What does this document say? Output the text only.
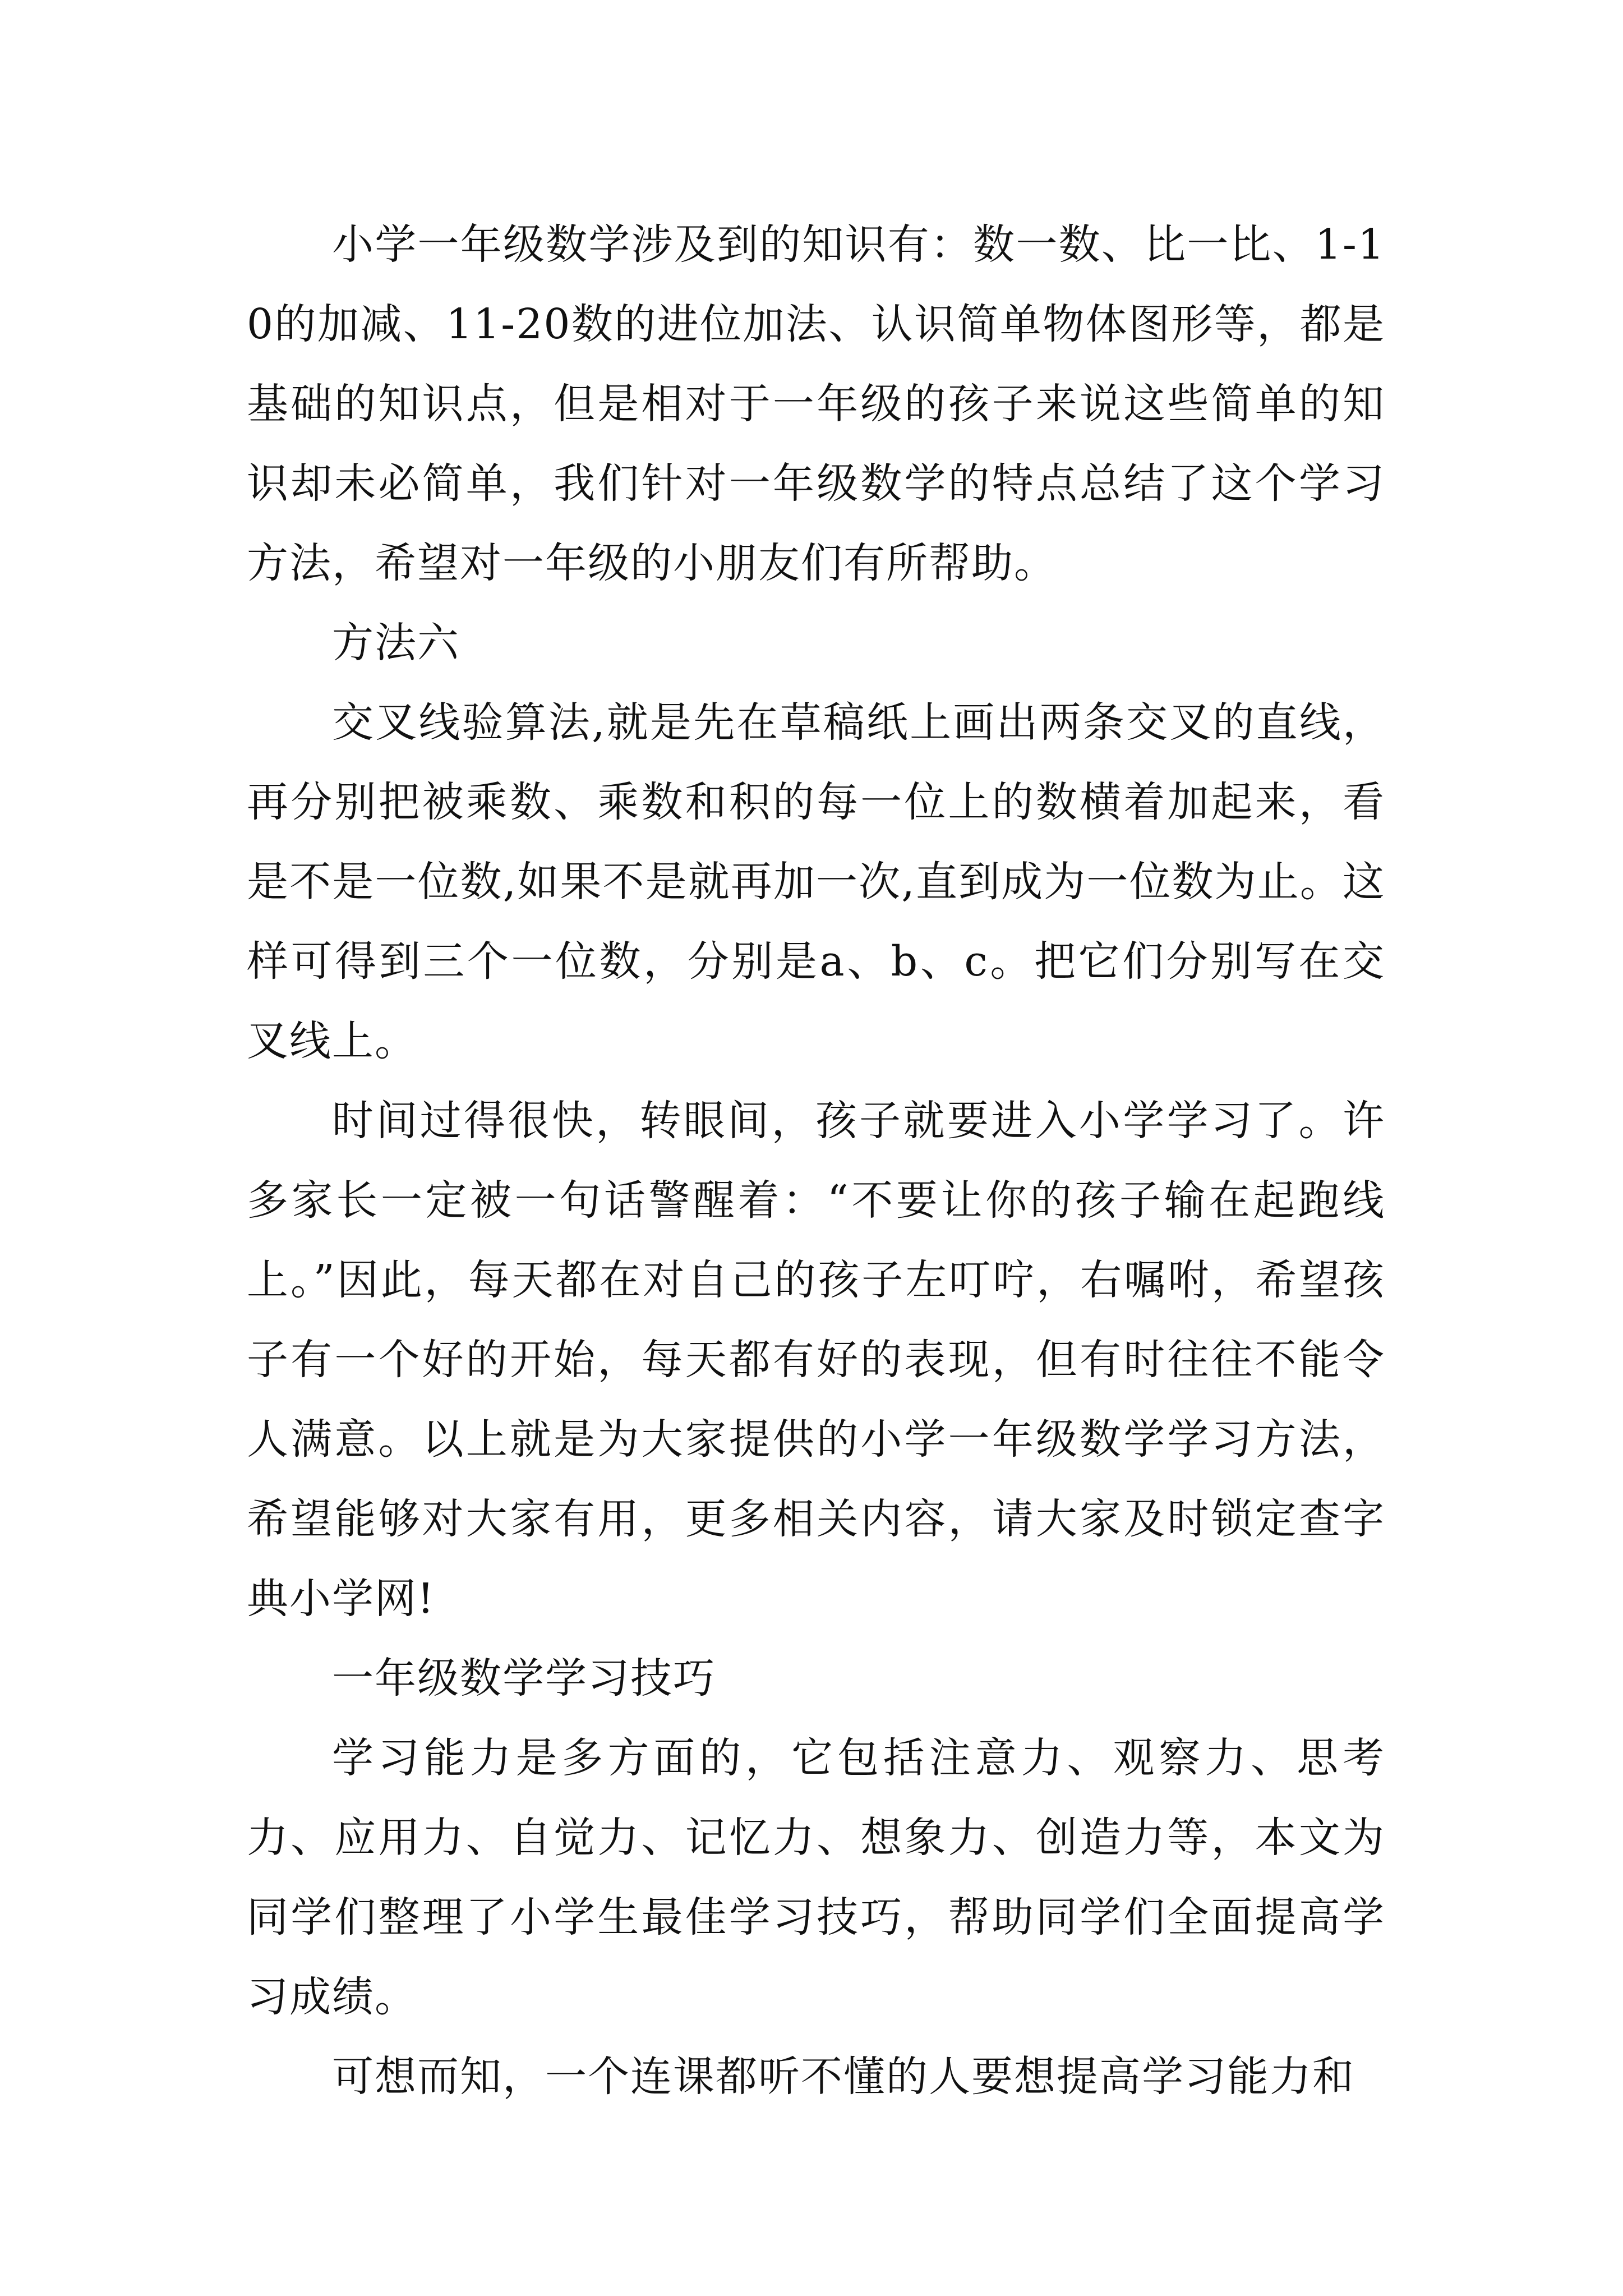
小学一年级数学涉及到的知识有：数一数、比一比、1-10的加减、11-20数的进位加法、认识简单物体图形等，都是基础的知识点，但是相对于一年级的孩子来说这些简单的知识却未必简单，我们针对一年级数学的特点总结了这个学习方法，希望对一年级的小朋友们有所帮助。

方法六

交叉线验算法,就是先在草稿纸上画出两条交叉的直线，再分别把被乘数、乘数和积的每一位上的数横着加起来，看是不是一位数,如果不是就再加一次,直到成为一位数为止。这样可得到三个一位数，分别是a、b、c。把它们分别写在交叉线上。

时间过得很快，转眼间，孩子就要进入小学学习了。许多家长一定被一句话警醒着：“不要让你的孩子输在起跑线上。”因此，每天都在对自己的孩子左叮咛，右嘱咐，希望孩子有一个好的开始，每天都有好的表现，但有时往往不能令人满意。以上就是为大家提供的小学一年级数学学习方法，希望能够对大家有用，更多相关内容，请大家及时锁定查字典小学网!

一年级数学学习技巧

学习能力是多方面的，它包括注意力、观察力、思考力、应用力、自觉力、记忆力、想象力、创造力等，本文为同学们整理了小学生最佳学习技巧，帮助同学们全面提高学习成绩。

可想而知，一个连课都听不懂的人要想提高学习能力和
